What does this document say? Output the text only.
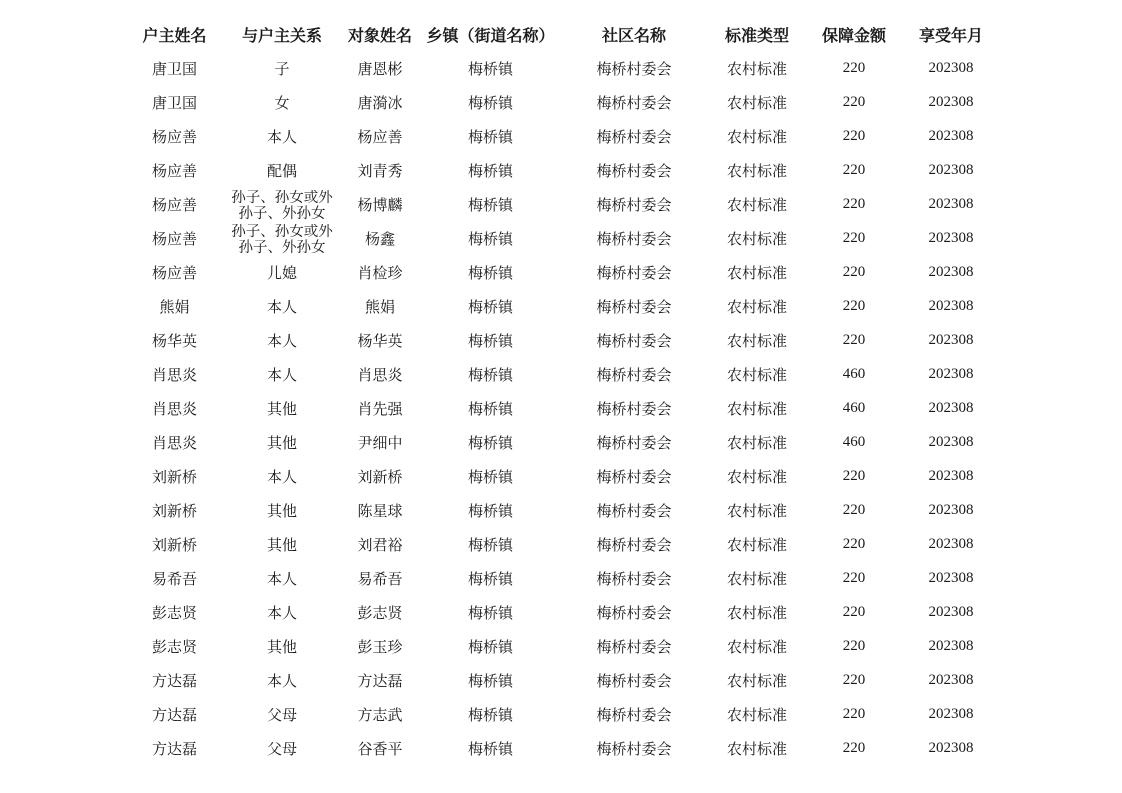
户主姓名	与户主关系	对象姓名	乡镇（街道名称）	社区名称	标准类型	保障金额	享受年月
唐卫国	子	唐恩彬	梅桥镇	梅桥村委会	农村标准	220	202308
唐卫国	女	唐漪冰	梅桥镇	梅桥村委会	农村标准	220	202308
杨应善	本人	杨应善	梅桥镇	梅桥村委会	农村标准	220	202308
杨应善	配偶	刘青秀	梅桥镇	梅桥村委会	农村标准	220	202308
杨应善	孙子、孙女或外孙子、外孙女	杨博麟	梅桥镇	梅桥村委会	农村标准	220	202308
杨应善	孙子、孙女或外孙子、外孙女	杨鑫	梅桥镇	梅桥村委会	农村标准	220	202308
杨应善	儿媳	肖检珍	梅桥镇	梅桥村委会	农村标准	220	202308
熊娟	本人	熊娟	梅桥镇	梅桥村委会	农村标准	220	202308
杨华英	本人	杨华英	梅桥镇	梅桥村委会	农村标准	220	202308
肖思炎	本人	肖思炎	梅桥镇	梅桥村委会	农村标准	460	202308
肖思炎	其他	肖先强	梅桥镇	梅桥村委会	农村标准	460	202308
肖思炎	其他	尹细中	梅桥镇	梅桥村委会	农村标准	460	202308
刘新桥	本人	刘新桥	梅桥镇	梅桥村委会	农村标准	220	202308
刘新桥	其他	陈星球	梅桥镇	梅桥村委会	农村标准	220	202308
刘新桥	其他	刘君裕	梅桥镇	梅桥村委会	农村标准	220	202308
易希吾	本人	易希吾	梅桥镇	梅桥村委会	农村标准	220	202308
彭志贤	本人	彭志贤	梅桥镇	梅桥村委会	农村标准	220	202308
彭志贤	其他	彭玉珍	梅桥镇	梅桥村委会	农村标准	220	202308
方达磊	本人	方达磊	梅桥镇	梅桥村委会	农村标准	220	202308
方达磊	父母	方志武	梅桥镇	梅桥村委会	农村标准	220	202308
方达磊	父母	谷香平	梅桥镇	梅桥村委会	农村标准	220	202308
